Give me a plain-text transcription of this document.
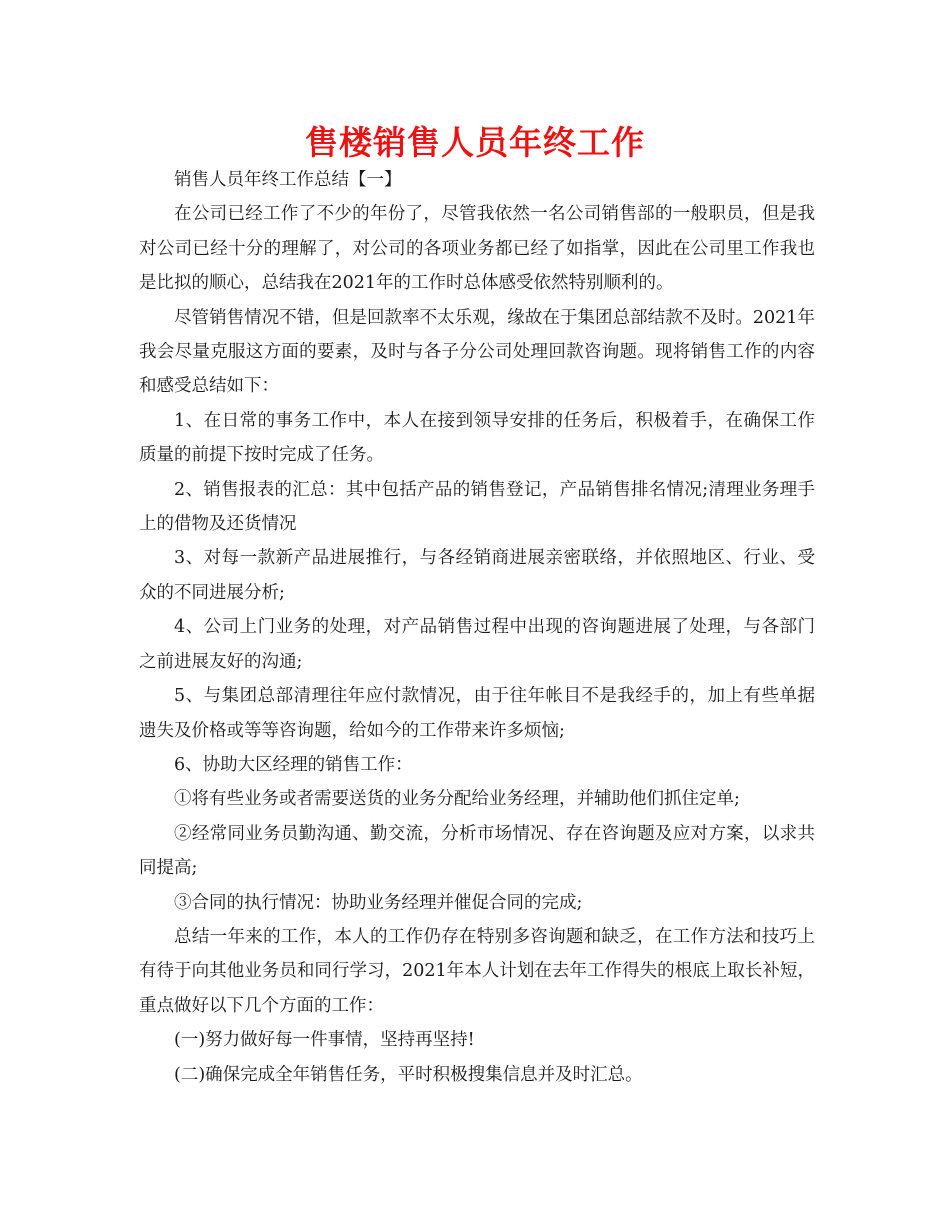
售楼销售人员年终工作

销售人员年终工作总结【一】

在公司已经工作了不少的年份了，尽管我依然一名公司销售部的一般职员，但是我对公司已经十分的理解了，对公司的各项业务都已经了如指掌，因此在公司里工作我也是比拟的顺心，总结我在2021年的工作时总体感受依然特别顺利的。

尽管销售情况不错，但是回款率不太乐观，缘故在于集团总部结款不及时。2021年我会尽量克服这方面的要素，及时与各子分公司处理回款咨询题。现将销售工作的内容和感受总结如下：

1、在日常的事务工作中，本人在接到领导安排的任务后，积极着手，在确保工作质量的前提下按时完成了任务。

2、销售报表的汇总：其中包括产品的销售登记，产品销售排名情况;清理业务理手上的借物及还货情况

3、对每一款新产品进展推行，与各经销商进展亲密联络，并依照地区、行业、受众的不同进展分析;

4、公司上门业务的处理，对产品销售过程中出现的咨询题进展了处理，与各部门之前进展友好的沟通;

5、与集团总部清理往年应付款情况，由于往年帐目不是我经手的，加上有些单据遗失及价格或等等咨询题，给如今的工作带来许多烦恼;

6、协助大区经理的销售工作：

①将有些业务或者需要送货的业务分配给业务经理，并辅助他们抓住定单;

②经常同业务员勤沟通、勤交流，分析市场情况、存在咨询题及应对方案，以求共同提高;

③合同的执行情况：协助业务经理并催促合同的完成;

总结一年来的工作，本人的工作仍存在特别多咨询题和缺乏，在工作方法和技巧上有待于向其他业务员和同行学习，2021年本人计划在去年工作得失的根底上取长补短，重点做好以下几个方面的工作：

(一)努力做好每一件事情，坚持再坚持!

(二)确保完成全年销售任务，平时积极搜集信息并及时汇总。
